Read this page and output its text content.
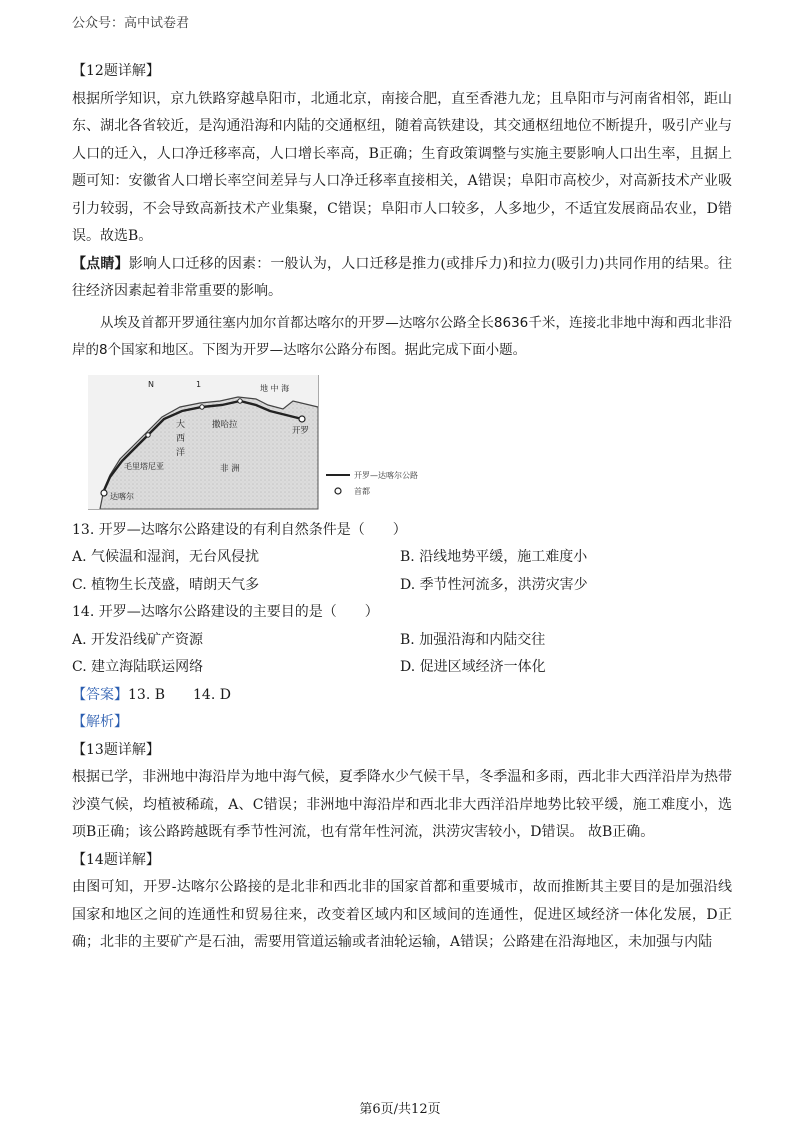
公众号：高中试卷君

【12题详解】

根据所学知识，京九铁路穿越阜阳市，北通北京，南接合肥，直至香港九龙；且阜阳市与河南省相邻，距山东、湖北各省较近，是沟通沿海和内陆的交通枢纽，随着高铁建设，其交通枢纽地位不断提升，吸引产业与人口的迁入，人口净迁移率高，人口增长率高，B正确；生育政策调整与实施主要影响人口出生率，且据上题可知：安徽省人口增长率空间差异与人口净迁移率直接相关，A错误；阜阳市高校少，对高新技术产业吸引力较弱，不会导致高新技术产业集聚，C错误；阜阳市人口较多，人多地少，不适宜发展商品农业，D错误。故选B。

【点睛】影响人口迁移的因素：一般认为，人口迁移是推力(或排斥力)和拉力(吸引力)共同作用的结果。往往经济因素起着非常重要的影响。

从埃及首都开罗通往塞内加尔首都达喀尔的开罗—达喀尔公路全长8636千米，连接北非地中海和西北非沿岸的8个国家和地区。下图为开罗—达喀尔公路分布图。据此完成下面小题。

大
西
洋
地 中 海
撒哈拉
开罗
毛里塔尼亚	非 洲
达喀尔
N	1
开罗—达喀尔公路
首都

13. 开罗—达喀尔公路建设的有利自然条件是（　　）

A. 气候温和湿润，无台风侵扰	B. 沿线地势平缓，施工难度小
C. 植物生长茂盛，晴朗天气多	D. 季节性河流多，洪涝灾害少

14. 开罗—达喀尔公路建设的主要目的是（　　）

A. 开发沿线矿产资源	B. 加强沿海和内陆交往
C. 建立海陆联运网络	D. 促进区域经济一体化

【答案】13. B　　14. D

【解析】

【13题详解】

根据已学，非洲地中海沿岸为地中海气候，夏季降水少气候干旱，冬季温和多雨，西北非大西洋沿岸为热带沙漠气候，均植被稀疏，A、C错误；非洲地中海沿岸和西北非大西洋沿岸地势比较平缓，施工难度小，选项B正确；该公路跨越既有季节性河流，也有常年性河流，洪涝灾害较小，D错误。 故B正确。

【14题详解】

由图可知，开罗-达喀尔公路接的是北非和西北非的国家首都和重要城市，故而推断其主要目的是加强沿线国家和地区之间的连通性和贸易往来，改变着区域内和区域间的连通性，促进区域经济一体化发展，D正确；北非的主要矿产是石油，需要用管道运输或者油轮运输，A错误；公路建在沿海地区，未加强与内陆

第6页/共12页
